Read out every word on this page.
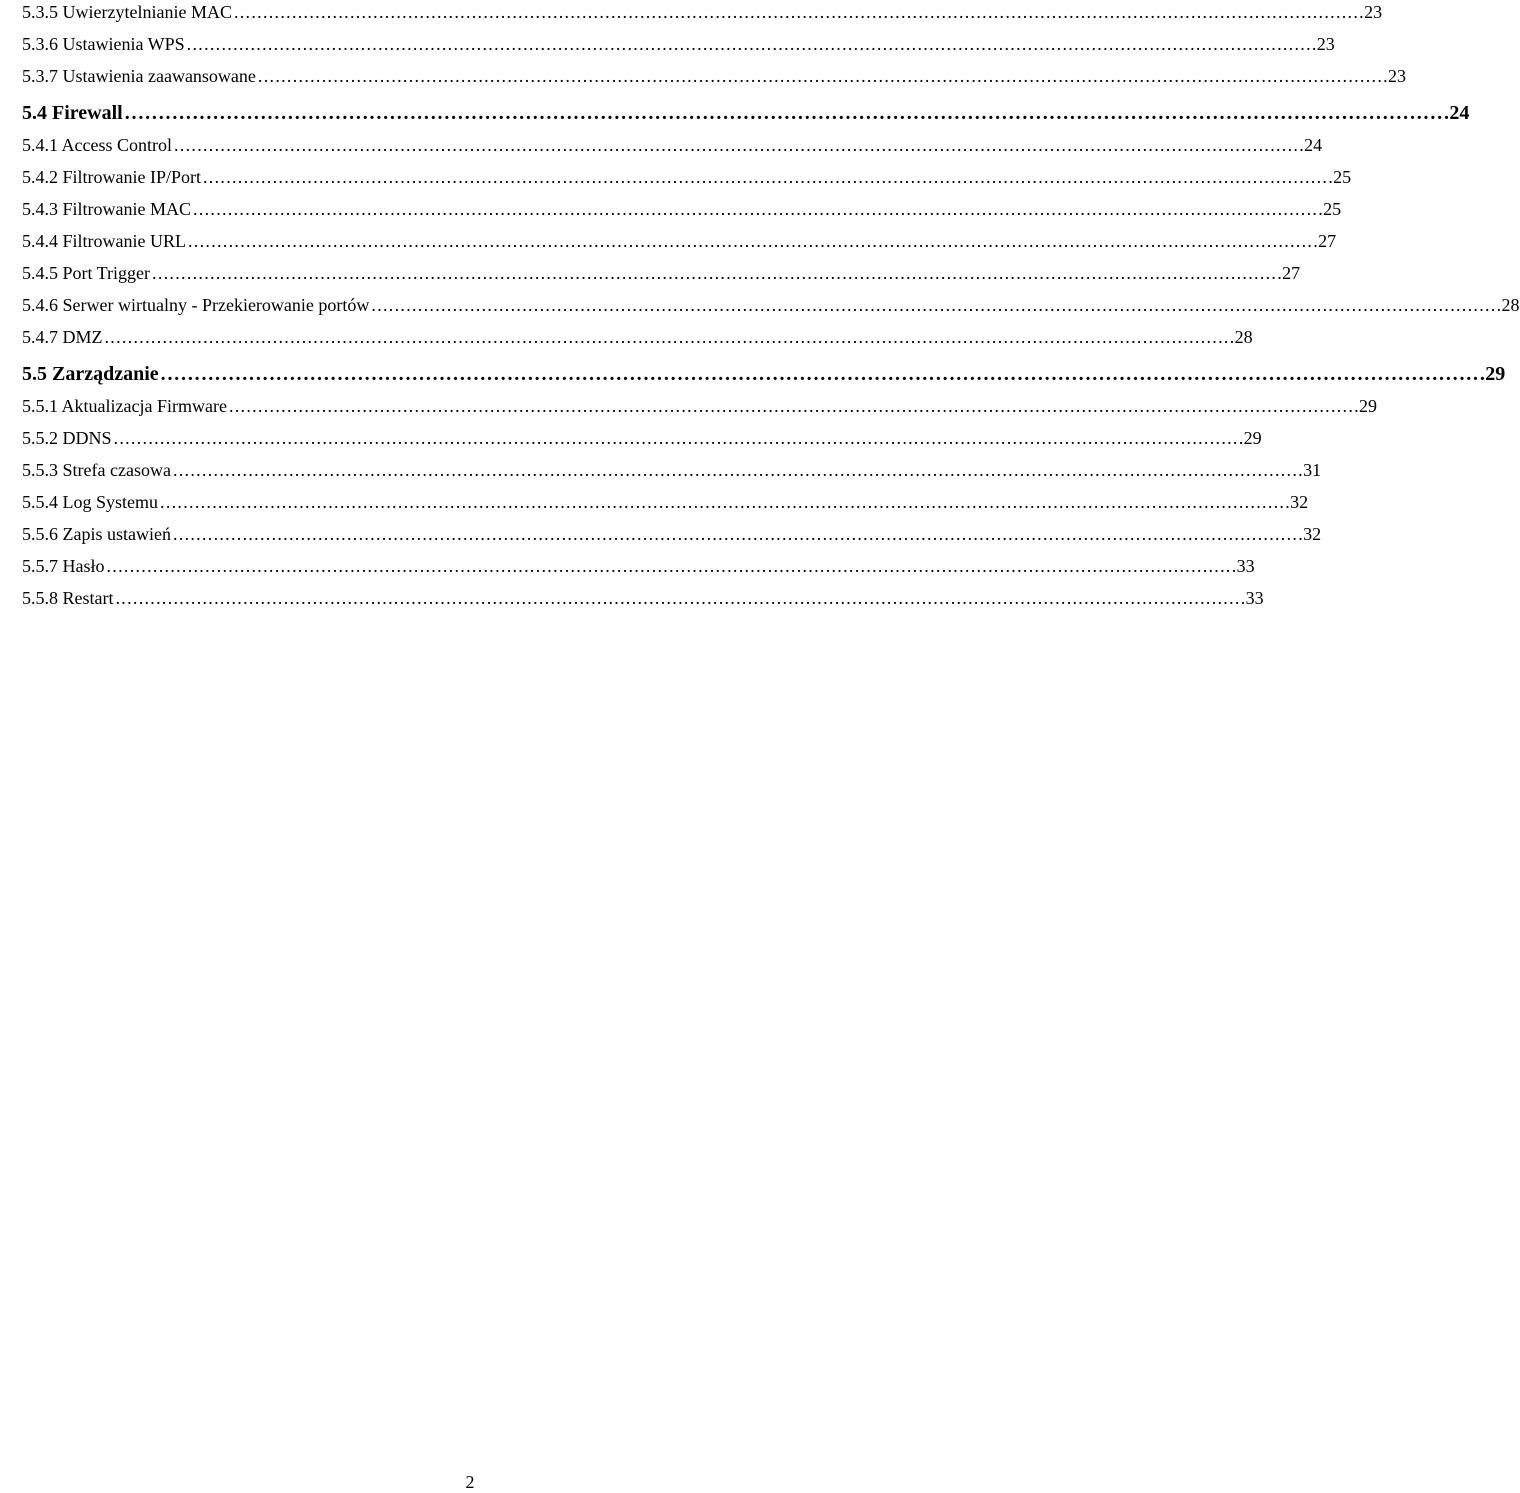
5.3.5 Uwierzytelnianie MAC . . .	23
5.3.6 Ustawienia WPS . . .	23
5.3.7 Ustawienia zaawansowane . . .	23
5.4 Firewall . . .	24
5.4.1 Access Control . . .	24
5.4.2 Filtrowanie IP/Port . . .	25
5.4.3 Filtrowanie MAC . . .	25
5.4.4 Filtrowanie URL . . .	27
5.4.5 Port Trigger . . .	27
5.4.6 Serwer wirtualny - Przekierowanie portów . . .	28
5.4.7 DMZ . . .	28
5.5 Zarządzanie . . .	29
5.5.1 Aktualizacja Firmware . . .	29
5.5.2 DDNS . . .	29
5.5.3 Strefa czasowa . . .	31
5.5.4 Log Systemu . . .	32
5.5.6 Zapis ustawień . . .	32
5.5.7 Hasło . . .	33
5.5.8 Restart . . .	33
2
